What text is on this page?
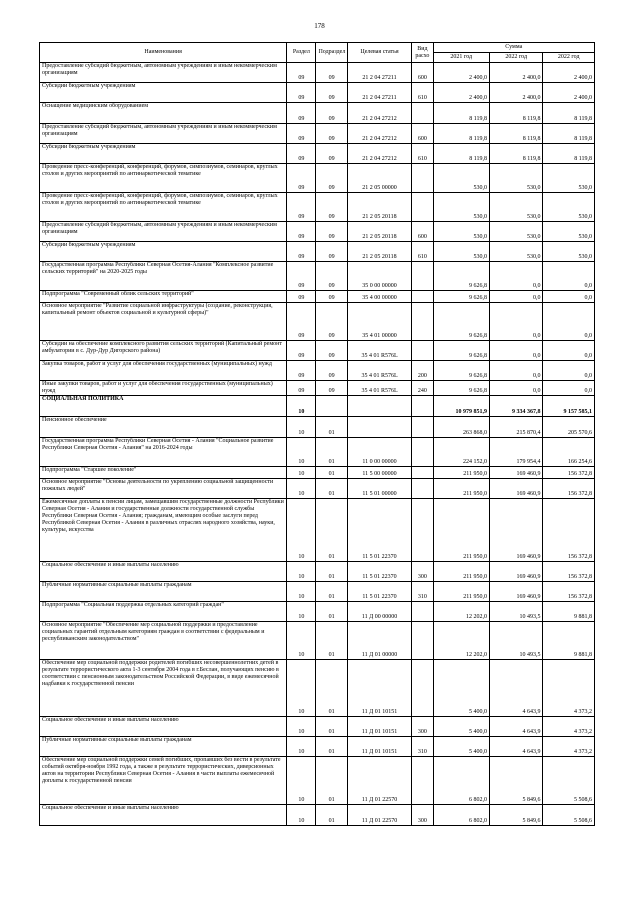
178
Наименования	Раздел	Подраздел	Целевая статья	Вид расхо	Сумма		
					2021 год	2022 год	2022 год
Предоставление субсидий бюджетным, автономным учреждениям и иным некоммерческим организациям	09	09	21 2 04 27211	600	2 400,0	2 400,0	2 400,0
Субсидии бюджетным учреждениям	09	09	21 2 04 27211	610	2 400,0	2 400,0	2 400,0
Оснащение медицинским оборудованием	09	09	21 2 04 27212		8 119,8	8 119,8	8 119,8
Предоставление субсидий бюджетным, автономным учреждениям и иным некоммерческим организациям	09	09	21 2 04 27212	600	8 119,8	8 119,8	8 119,8
Субсидии бюджетным учреждениям	09	09	21 2 04 27212	610	8 119,8	8 119,8	8 119,8
Проведение пресс-конференций, конференций, форумов, симпозиумов, семинаров, круглых столов и других мероприятий по антинаркотической тематике	09	09	21 2 05 00000		530,0	530,0	530,0
Проведение пресс-конференций, конференций, форумов, симпозиумов, семинаров, круглых столов и других мероприятий по антинаркотической тематике	09	09	21 2 05 20118		530,0	530,0	530,0
Предоставление субсидий бюджетным, автономным учреждениям и иным некоммерческим организациям	09	09	21 2 05 20118	600	530,0	530,0	530,0
Субсидии бюджетным учреждениям	09	09	21 2 05 20118	610	530,0	530,0	530,0
Государственная программа Республики Северная Осетия-Алания "Комплексное развитие сельских территорий" на 2020-2025 годы	09	09	35 0 00 00000		9 626,8	0,0	0,0
Подпрограмма "Современный облик сельских территорий"	09	09	35 4 00 00000		9 626,8	0,0	0,0
Основное мероприятие "Развитие социальной инфраструктуры (создание, реконструкция, капитальный ремонт объектов социальной и культурной сферы)"	09	09	35 4 01 00000		9 626,8	0,0	0,0
Субсидии на обеспечение комплексного развития сельских территорий (Капитальный ремонт амбулатории в с. Дур-Дур Дигорского района)	09	09	35 4 01 R576L		9 626,8	0,0	0,0
Закупка товаров, работ и услуг для обеспечения государственных (муниципальных) нужд	09	09	35 4 01 R576L	200	9 626,8	0,0	0,0
Иные закупки товаров, работ и услуг для обеспечения государственных (муниципальных) нужд	09	09	35 4 01 R576L	240	9 626,8	0,0	0,0
СОЦИАЛЬНАЯ ПОЛИТИКА	10				10 979 851,9	9 334 367,8	9 157 585,1
Пенсионное обеспечение	10	01			263 868,0	215 870,4	205 570,6
Государственная программа Республики Северная Осетия - Алания "Социальное развитие Республики Северная Осетия - Алания" на 2016-2024 годы	10	01	11 0 00 00000		224 152,0	179 954,4	166 254,6
Подпрограмма "Старшее поколение"	10	01	11 5 00 00000		211 950,0	169 460,9	156 372,8
Основное мероприятие "Основы деятельности по укреплению социальной защищенности пожилых людей"	10	01	11 5 01 00000		211 950,0	169 460,9	156 372,8
Ежемесячные доплаты к пенсии лицам, замещавшим государственные должности Республики Северная Осетия - Алания и государственные должности государственной службы Республики Северная Осетия - Алания; гражданам, имеющим особые заслуги перед Республикой Северная Осетия - Алания в различных отраслях народного хозяйства, науки, культуры, искусства	10	01	11 5 01 22370		211 950,0	169 460,9	156 372,8
Социальное обеспечение и иные выплаты населению	10	01	11 5 01 22370	300	211 950,0	169 460,9	156 372,8
Публичные нормативные социальные выплаты гражданам	10	01	11 5 01 22370	310	211 950,0	169 460,9	156 372,8
Подпрограмма "Социальная поддержка отдельных категорий граждан"	10	01	11 Д 00 00000		12 202,0	10 493,5	9 881,8
Основное мероприятие "Обеспечение мер социальной поддержки и предоставление социальных гарантий отдельным категориям граждан в соответствии с федеральным и республиканским законодательством"	10	01	11 Д 01 00000		12 202,0	10 493,5	9 881,8
Обеспечение мер социальной поддержки родителей погибших несовершеннолетних детей в результате террористического акта 1-3 сентября 2004 года в г.Беслан, получающих пенсию в соответствии с пенсионным законодательством Российской Федерации, в виде ежемесячной надбавки к государственной пенсии	10	01	11 Д 01 10151		5 400,0	4 643,9	4 373,2
Социальное обеспечение и иные выплаты населению	10	01	11 Д 01 10151	300	5 400,0	4 643,9	4 373,2
Публичные нормативные социальные выплаты гражданам	10	01	11 Д 01 10151	310	5 400,0	4 643,9	4 373,2
Обеспечение мер социальной поддержки семей погибших, пропавших без вести в результате событий октября-ноября 1992 года, а также в результате террористических, диверсионных актов на территории Республики Северная Осетия - Алания в части выплаты ежемесячной доплаты к государственной пенсии	10	01	11 Д 01 22570		6 802,0	5 849,6	5 508,6
Социальное обеспечение и иные выплаты населению	10	01	11 Д 01 22570	300	6 802,0	5 849,6	5 508,6
